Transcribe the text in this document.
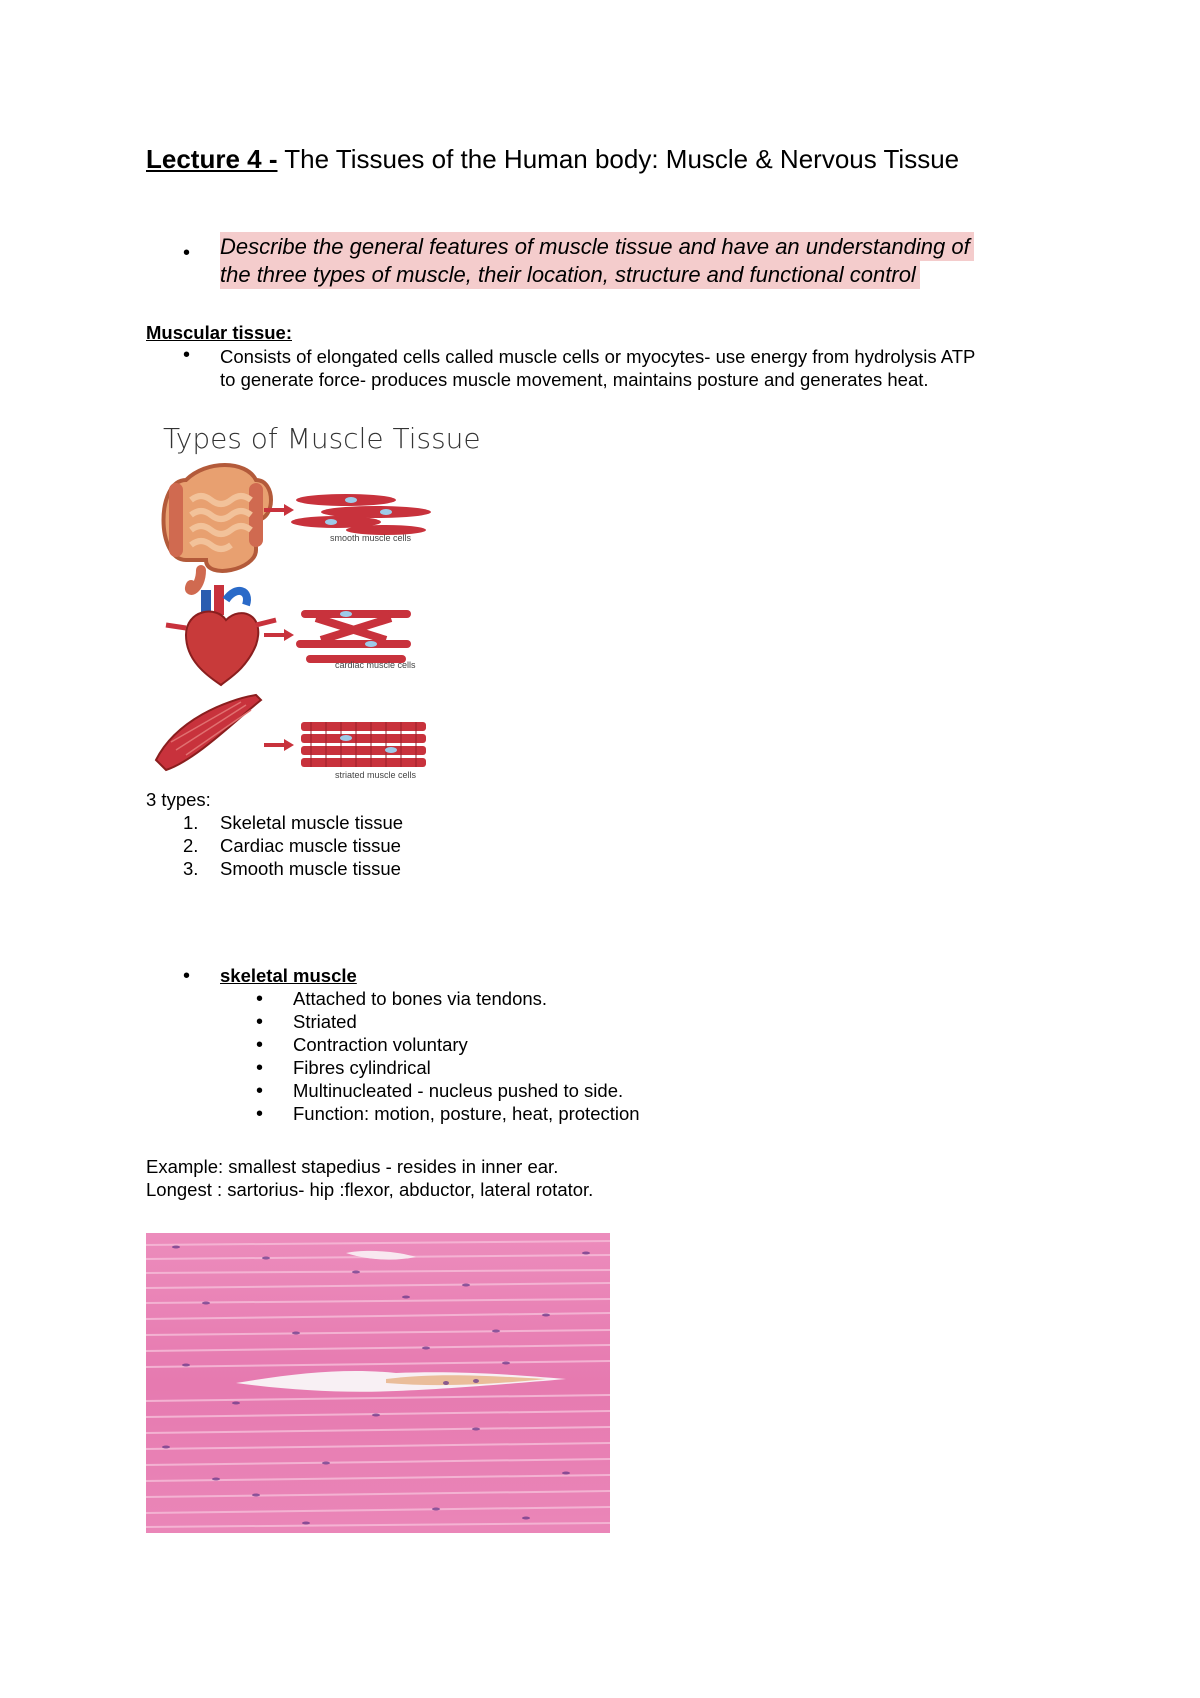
Lecture 4 - The Tissues of the Human body: Muscle & Nervous Tissue
• Describe the general features of muscle tissue and have an understanding of
the three types of muscle, their location, structure and functional control
Muscular tissue:
• Consists of elongated cells called muscle cells or myocytes- use energy from hydrolysis ATP
to generate force- produces muscle movement, maintains posture and generates heat.
Types of Muscle Tissue
smooth muscle cells
cardiac muscle cells
striated muscle cells
3 types:
1. Skeletal muscle tissue
2. Cardiac muscle tissue
3. Smooth muscle tissue
• skeletal muscle
• Attached to bones via tendons.
• Striated
• Contraction voluntary
• Fibres cylindrical
• Multinucleated - nucleus pushed to side.
• Function: motion, posture, heat, protection
Example: smallest stapedius - resides in inner ear.
Longest : sartorius- hip :flexor, abductor, lateral rotator.
